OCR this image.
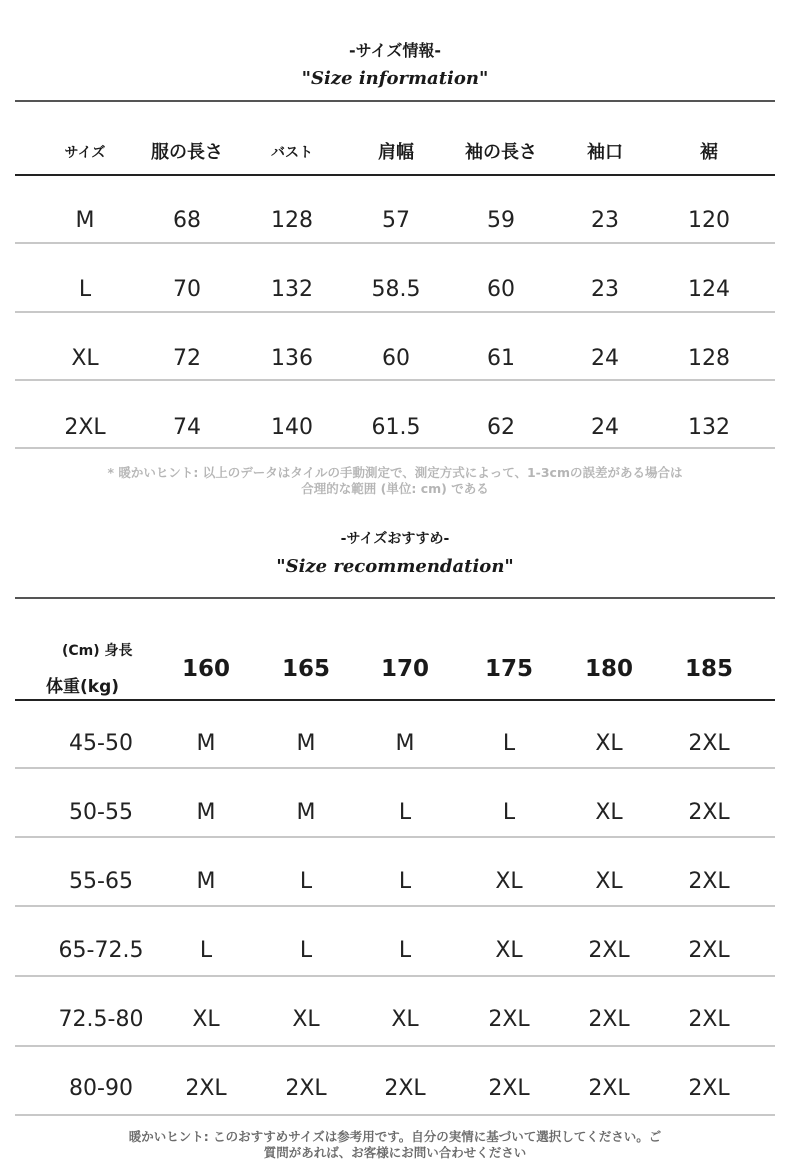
-サイズ情報-
"Size information"
サイズ	服の長さ	バスト	肩幅	袖の長さ	袖口	裾
M	68	128	57	59	23	120
L	70	132	58.5	60	23	124
XL	72	136	60	61	24	128
2XL	74	140	61.5	62	24	132
* 暖かいヒント: 以上のデータはタイルの手動測定で、測定方式によって、1-3cmの誤差がある場合は
合理的な範囲 (単位: cm) である
-サイズおすすめ-
"Size recommendation"
(Cm) 身長
体重(kg)
160 165 170 175 180 185
45-50	M	M	M	L	XL	2XL
50-55	M	M	L	L	XL	2XL
55-65	M	L	L	XL	XL	2XL
65-72.5	L	L	L	XL	2XL	2XL
72.5-80 XL	XL	XL	2XL	2XL	2XL
80-90 2XL	2XL	2XL	2XL	2XL	2XL
暖かいヒント: このおすすめサイズは参考用です。自分の実情に基づいて選択してください。ご
質問があれば、お客様にお問い合わせください
